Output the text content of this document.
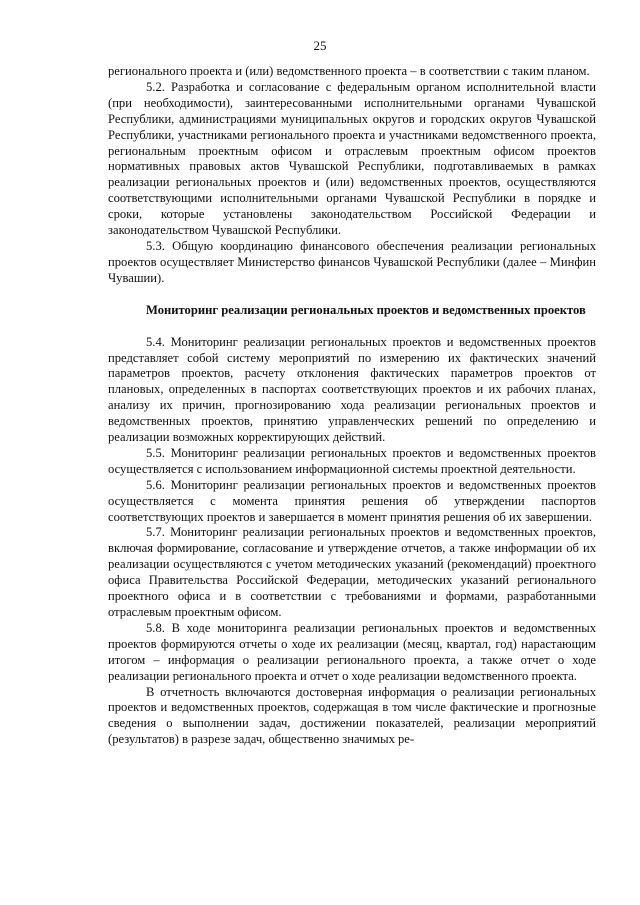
25

регионального проекта и (или) ведомственного проекта – в соответствии с таким планом.

5.2. Разработка и согласование с федеральным органом исполнительной власти (при необходимости), заинтересованными исполнительными органами Чувашской Республики, администрациями муниципальных округов и городских округов Чувашской Республики, участниками регионального проекта и участниками ведомственного проекта, региональным проектным офисом и отраслевым проектным офисом проектов нормативных правовых актов Чувашской Республики, подготавливаемых в рамках реализации региональных проектов и (или) ведомственных проектов, осуществляются соответствующими исполнительными органами Чувашской Республики в порядке и сроки, которые установлены законодательством Российской Федерации и законодательством Чувашской Республики.

5.3. Общую координацию финансового обеспечения реализации региональных проектов осуществляет Министерство финансов Чувашской Республики (далее – Минфин Чувашии).

Мониторинг реализации региональных проектов и ведомственных проектов

5.4. Мониторинг реализации региональных проектов и ведомственных проектов представляет собой систему мероприятий по измерению их фактических значений параметров проектов, расчету отклонения фактических параметров проектов от плановых, определенных в паспортах соответствующих проектов и их рабочих планах, анализу их причин, прогнозированию хода реализации региональных проектов и ведомственных проектов, принятию управленческих решений по определению и реализации возможных корректирующих действий.

5.5. Мониторинг реализации региональных проектов и ведомственных проектов осуществляется с использованием информационной системы проектной деятельности.

5.6. Мониторинг реализации региональных проектов и ведомственных проектов осуществляется с момента принятия решения об утверждении паспортов соответствующих проектов и завершается в момент принятия решения об их завершении.

5.7. Мониторинг реализации региональных проектов и ведомственных проектов, включая формирование, согласование и утверждение отчетов, а также информации об их реализации осуществляются с учетом методических указаний (рекомендаций) проектного офиса Правительства Российской Федерации, методических указаний регионального проектного офиса и в соответствии с требованиями и формами, разработанными отраслевым проектным офисом.

5.8. В ходе мониторинга реализации региональных проектов и ведомственных проектов формируются отчеты о ходе их реализации (месяц, квартал, год) нарастающим итогом – информация о реализации регионального проекта, а также отчет о ходе реализации регионального проекта и отчет о ходе реализации ведомственного проекта.

В отчетность включаются достоверная информация о реализации региональных проектов и ведомственных проектов, содержащая в том числе фактические и прогнозные сведения о выполнении задач, достижении показателей, реализации мероприятий (результатов) в разрезе задач, общественно значимых ре-
